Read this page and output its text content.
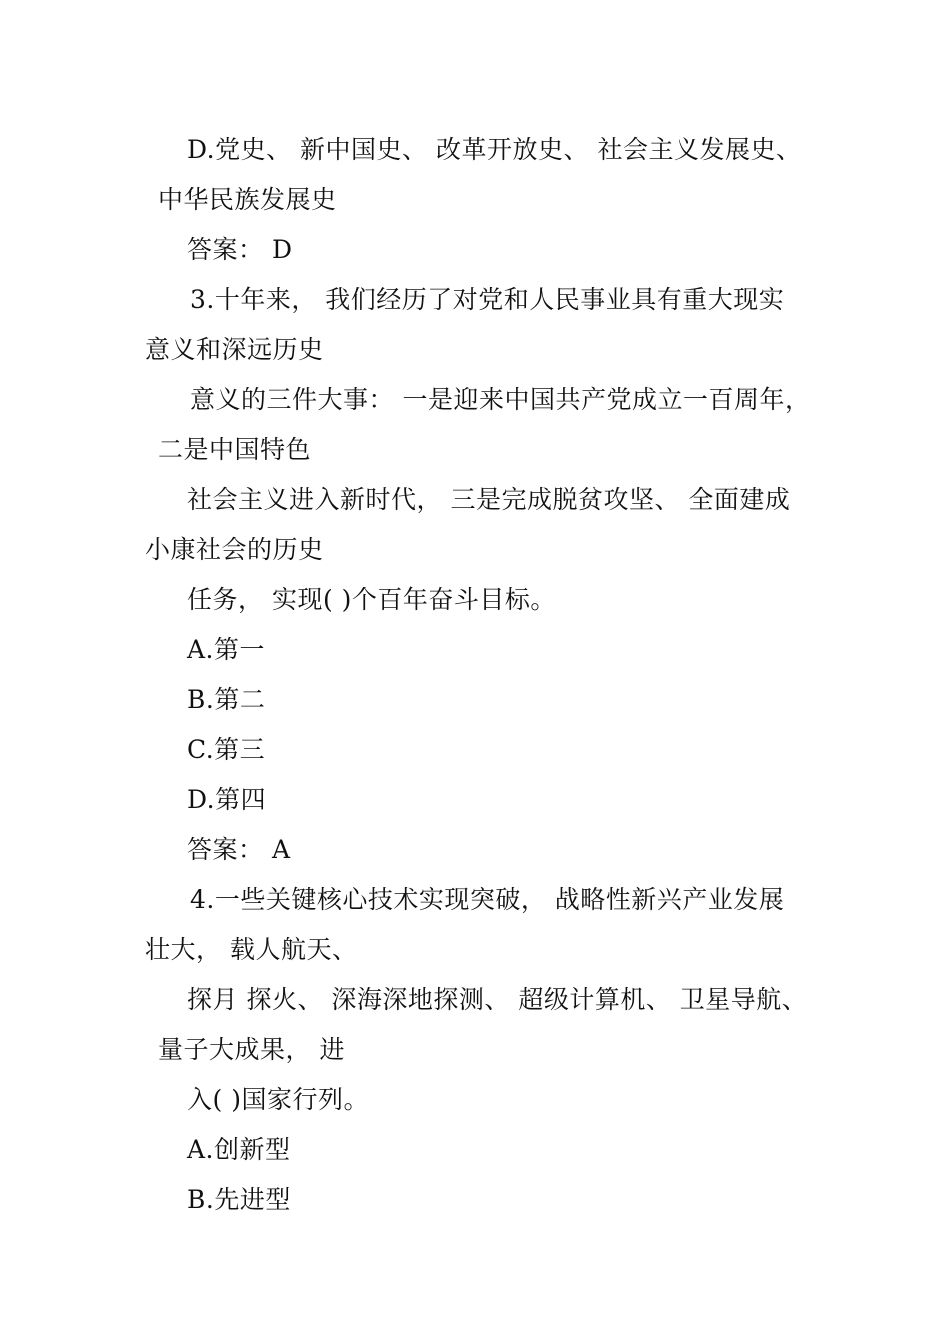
D.党史、 新中国史、 改革开放史、 社会主义发展史、
中华民族发展史
答案： D
3.十年来， 我们经历了对党和人民事业具有重大现实
意义和深远历史
意义的三件大事： 一是迎来中国共产党成立一百周年，
二是中国特色
社会主义进入新时代， 三是完成脱贫攻坚、 全面建成
小康社会的历史
任务， 实现( )个百年奋斗目标。
A.第一
B.第二
C.第三
D.第四
答案： A
4.一些关键核心技术实现突破， 战略性新兴产业发展
壮大， 载人航天、
探月 探火、 深海深地探测、 超级计算机、 卫星导航、
量子大成果， 进
入( )国家行列。
A.创新型
B.先进型
